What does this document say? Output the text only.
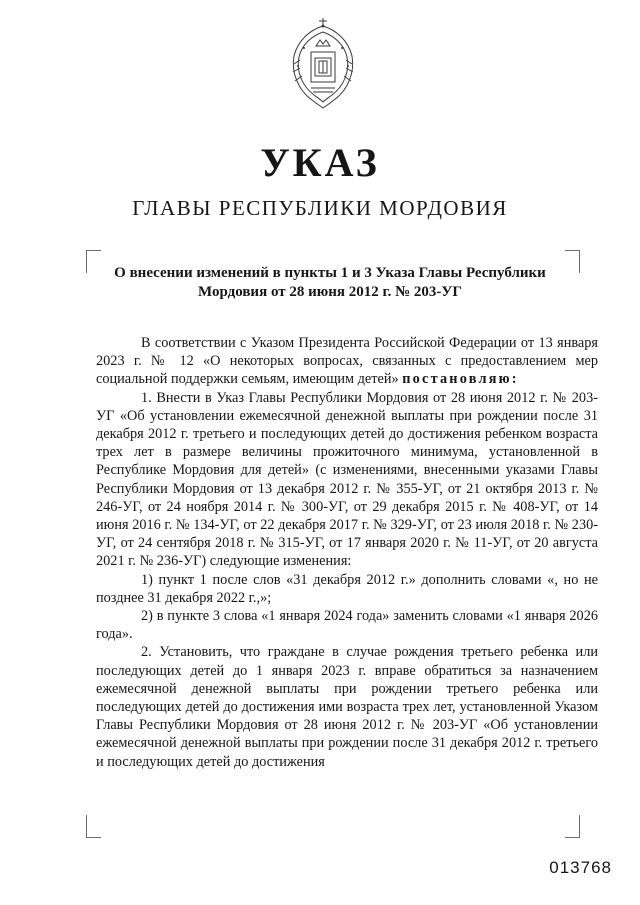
УКАЗ
ГЛАВЫ РЕСПУБЛИКИ МОРДОВИЯ
О внесении изменений в пункты 1 и 3 Указа Главы Республики
Мордовия от 28 июня 2012 г. № 203-УГ

В соответствии с Указом Президента Российской Федерации от 13 января 2023 г. № 12 «О некоторых вопросах, связанных с предоставлением мер социальной поддержки семьям, имеющим детей» постановляю:

1. Внести в Указ Главы Республики Мордовия от 28 июня 2012 г. № 203-УГ «Об установлении ежемесячной денежной выплаты при рождении после 31 декабря 2012 г. третьего и последующих детей до достижения ребенком возраста трех лет в размере величины прожиточного минимума, установленной в Республике Мордовия для детей» (с изменениями, внесенными указами Главы Республики Мордовия от 13 декабря 2012 г. № 355-УГ, от 21 октября 2013 г. № 246-УГ, от 24 ноября 2014 г. № 300-УГ, от 29 декабря 2015 г. № 408-УГ, от 14 июня 2016 г. № 134-УГ, от 22 декабря 2017 г. № 329-УГ, от 23 июля 2018 г. № 230-УГ, от 24 сентября 2018 г. № 315-УГ, от 17 января 2020 г. № 11-УГ, от 20 августа 2021 г. № 236-УГ) следующие изменения:

1) пункт 1 после слов «31 декабря 2012 г.» дополнить словами «, но не позднее 31 декабря 2022 г.,»;

2) в пункте 3 слова «1 января 2024 года» заменить словами «1 января 2026 года».

2. Установить, что граждане в случае рождения третьего ребенка или последующих детей до 1 января 2023 г. вправе обратиться за назначением ежемесячной денежной выплаты при рождении третьего ребенка или последующих детей до достижения ими возраста трех лет, установленной Указом Главы Республики Мордовия от 28 июня 2012 г. № 203-УГ «Об установлении ежемесячной денежной выплаты при рождении после 31 декабря 2012 г. третьего и последующих детей до достижения

013768
